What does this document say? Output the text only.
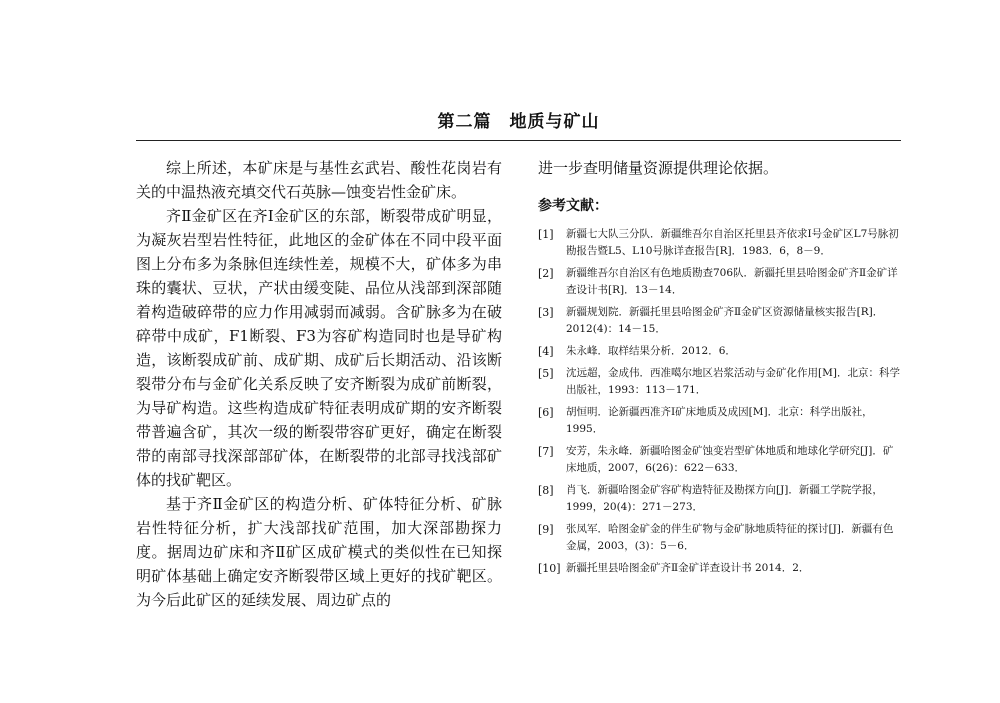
第二篇　地质与矿山

综上所述，本矿床是与基性玄武岩、酸性花岗岩有关的中温热液充填交代石英脉—蚀变岩性金矿床。

齐Ⅱ金矿区在齐Ⅰ金矿区的东部，断裂带成矿明显，为凝灰岩型岩性特征，此地区的金矿体在不同中段平面图上分布多为条脉但连续性差，规模不大，矿体多为串珠的囊状、豆状，产状由缓变陡、品位从浅部到深部随着构造破碎带的应力作用减弱而减弱。含矿脉多为在破碎带中成矿，F1断裂、F3为容矿构造同时也是导矿构造，该断裂成矿前、成矿期、成矿后长期活动、沿该断裂带分布与金矿化关系反映了安齐断裂为成矿前断裂，为导矿构造。这些构造成矿特征表明成矿期的安齐断裂带普遍含矿，其次一级的断裂带容矿更好，确定在断裂带的南部寻找深部部矿体，在断裂带的北部寻找浅部矿体的找矿靶区。

基于齐Ⅱ金矿区的构造分析、矿体特征分析、矿脉岩性特征分析，扩大浅部找矿范围，加大深部勘探力度。据周边矿床和齐Ⅱ矿区成矿模式的类似性在已知探明矿体基础上确定安齐断裂带区域上更好的找矿靶区。为今后此矿区的延续发展、周边矿点的

进一步查明储量资源提供理论依据。

参考文献：
[1] 新疆七大队三分队．新疆维吾尔自治区托里县齐依求Ⅰ号金矿区L7号脉初勘报告暨L5、L10号脉详查报告[R]．1983．6，8－9．
[2] 新疆维吾尔自治区有色地质勘查706队．新疆托里县哈图金矿齐Ⅱ金矿详查设计书[R]．13－14．
[3] 新疆规划院．新疆托里县哈图金矿齐Ⅱ金矿区资源储量核实报告[R]．2012(4)：14－15．
[4] 朱永峰．取样结果分析．2012．6．
[5] 沈远超，金成伟．西准噶尔地区岩浆活动与金矿化作用[M]．北京：科学出版社，1993：113－171．
[6] 胡恒明．论新疆西准齐Ⅰ矿床地质及成因[M]．北京：科学出版社，1995．
[7] 安芳，朱永峰．新疆哈图金矿蚀变岩型矿体地质和地球化学研究[J]．矿床地质，2007，6(26)：622－633．
[8] 肖飞．新疆哈图金矿容矿构造特征及勘探方向[J]．新疆工学院学报，1999，20(4)：271－273．
[9] 张凤军．哈图金矿金的伴生矿物与金矿脉地质特征的探讨[J]．新疆有色金属，2003，(3)：5－6．
[10] 新疆托里县哈图金矿齐Ⅱ金矿详查设计书 2014．2．
